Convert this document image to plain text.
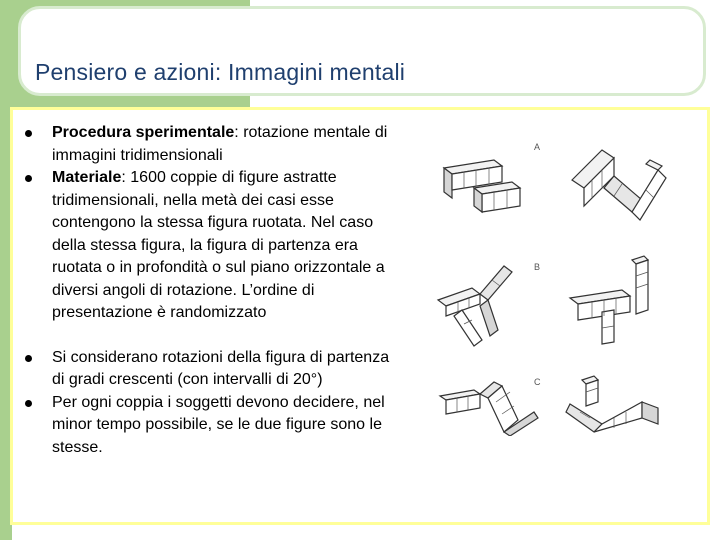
Pensiero e azioni: Immagini mentali
Procedura sperimentale: rotazione mentale di immagini tridimensionali
Materiale: 1600 coppie di figure astratte tridimensionali, nella metà dei casi esse contengono la stessa figura ruotata. Nel caso della stessa figura, la figura di partenza era ruotata o in profondità o sul piano orizzontale a diversi angoli di rotazione. L’ordine di presentazione è randomizzato
Si considerano rotazioni della figura di partenza di gradi crescenti (con intervalli di 20°)
Per ogni coppia i soggetti devono decidere, nel minor tempo possibile, se le due figure sono le stesse.
A
B
C
